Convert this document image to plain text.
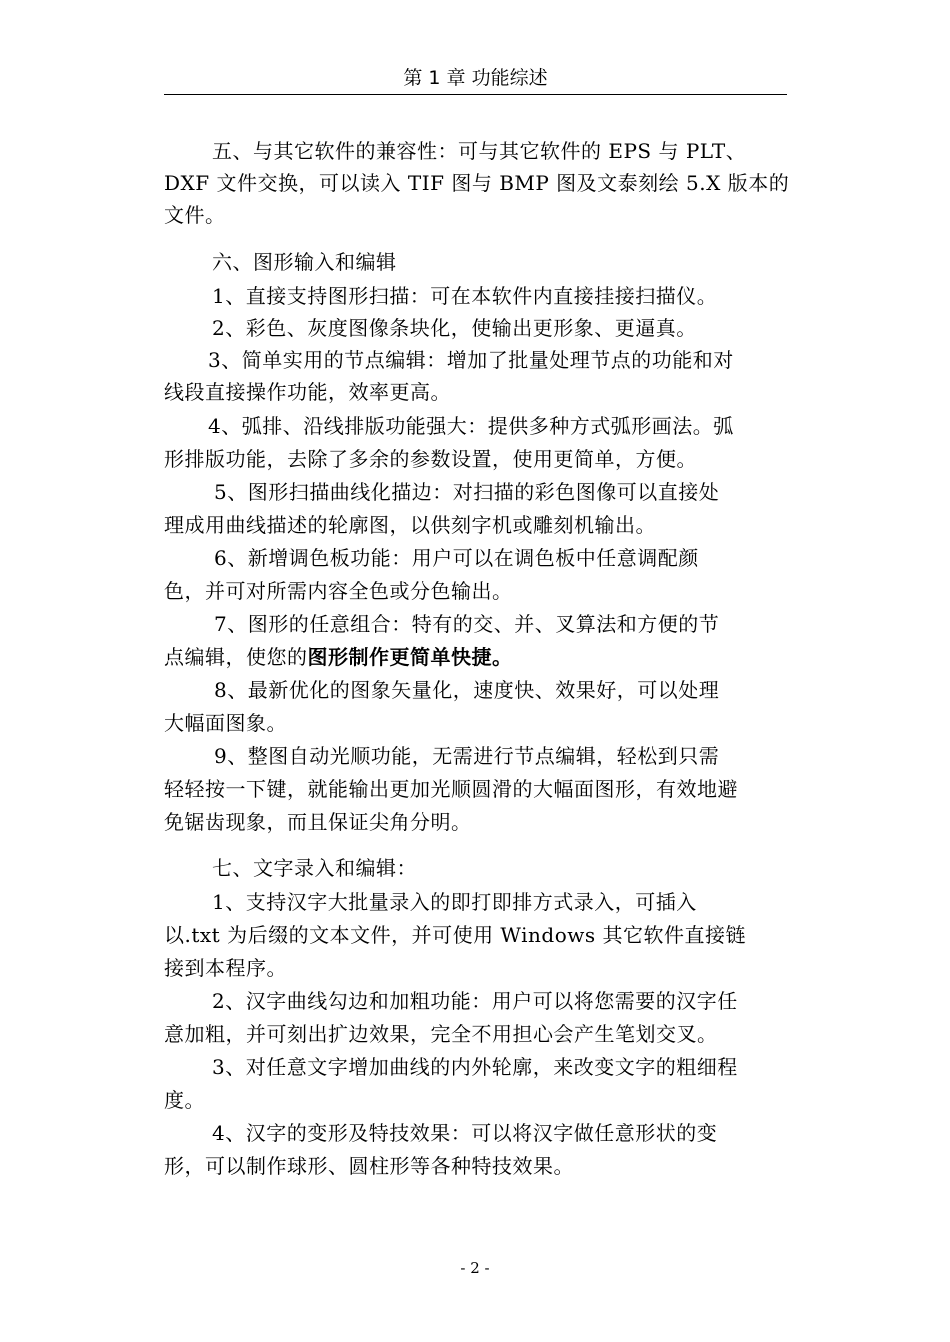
第 1 章 功能综述
五、与其它软件的兼容性：可与其它软件的 EPS 与 PLT、
DXF 文件交换，可以读入 TIF 图与 BMP 图及文泰刻绘 5.X 版本的
文件。
六、图形输入和编辑
1、直接支持图形扫描：可在本软件内直接挂接扫描仪。
2、彩色、灰度图像条块化，使输出更形象、更逼真。
3、简单实用的节点编辑：增加了批量处理节点的功能和对
线段直接操作功能，效率更高。
4、弧排、沿线排版功能强大：提供多种方式弧形画法。弧
形排版功能，去除了多余的参数设置，使用更简单，方便。
5、图形扫描曲线化描边：对扫描的彩色图像可以直接处
理成用曲线描述的轮廓图，以供刻字机或雕刻机输出。
6、新增调色板功能：用户可以在调色板中任意调配颜
色，并可对所需内容全色或分色输出。
7、图形的任意组合：特有的交、并、叉算法和方便的节
点编辑，使您的图形制作更简单快捷。
8、最新优化的图象矢量化，速度快、效果好，可以处理
大幅面图象。
9、整图自动光顺功能，无需进行节点编辑，轻松到只需
轻轻按一下键，就能输出更加光顺圆滑的大幅面图形，有效地避
免锯齿现象，而且保证尖角分明。
七、文字录入和编辑：
1、支持汉字大批量录入的即打即排方式录入，可插入
以.txt 为后缀的文本文件，并可使用 Windows 其它软件直接链
接到本程序。
2、汉字曲线勾边和加粗功能：用户可以将您需要的汉字任
意加粗，并可刻出扩边效果，完全不用担心会产生笔划交叉。
3、对任意文字增加曲线的内外轮廓，来改变文字的粗细程
度。
4、汉字的变形及特技效果：可以将汉字做任意形状的变
形，可以制作球形、圆柱形等各种特技效果。
- 2 -
